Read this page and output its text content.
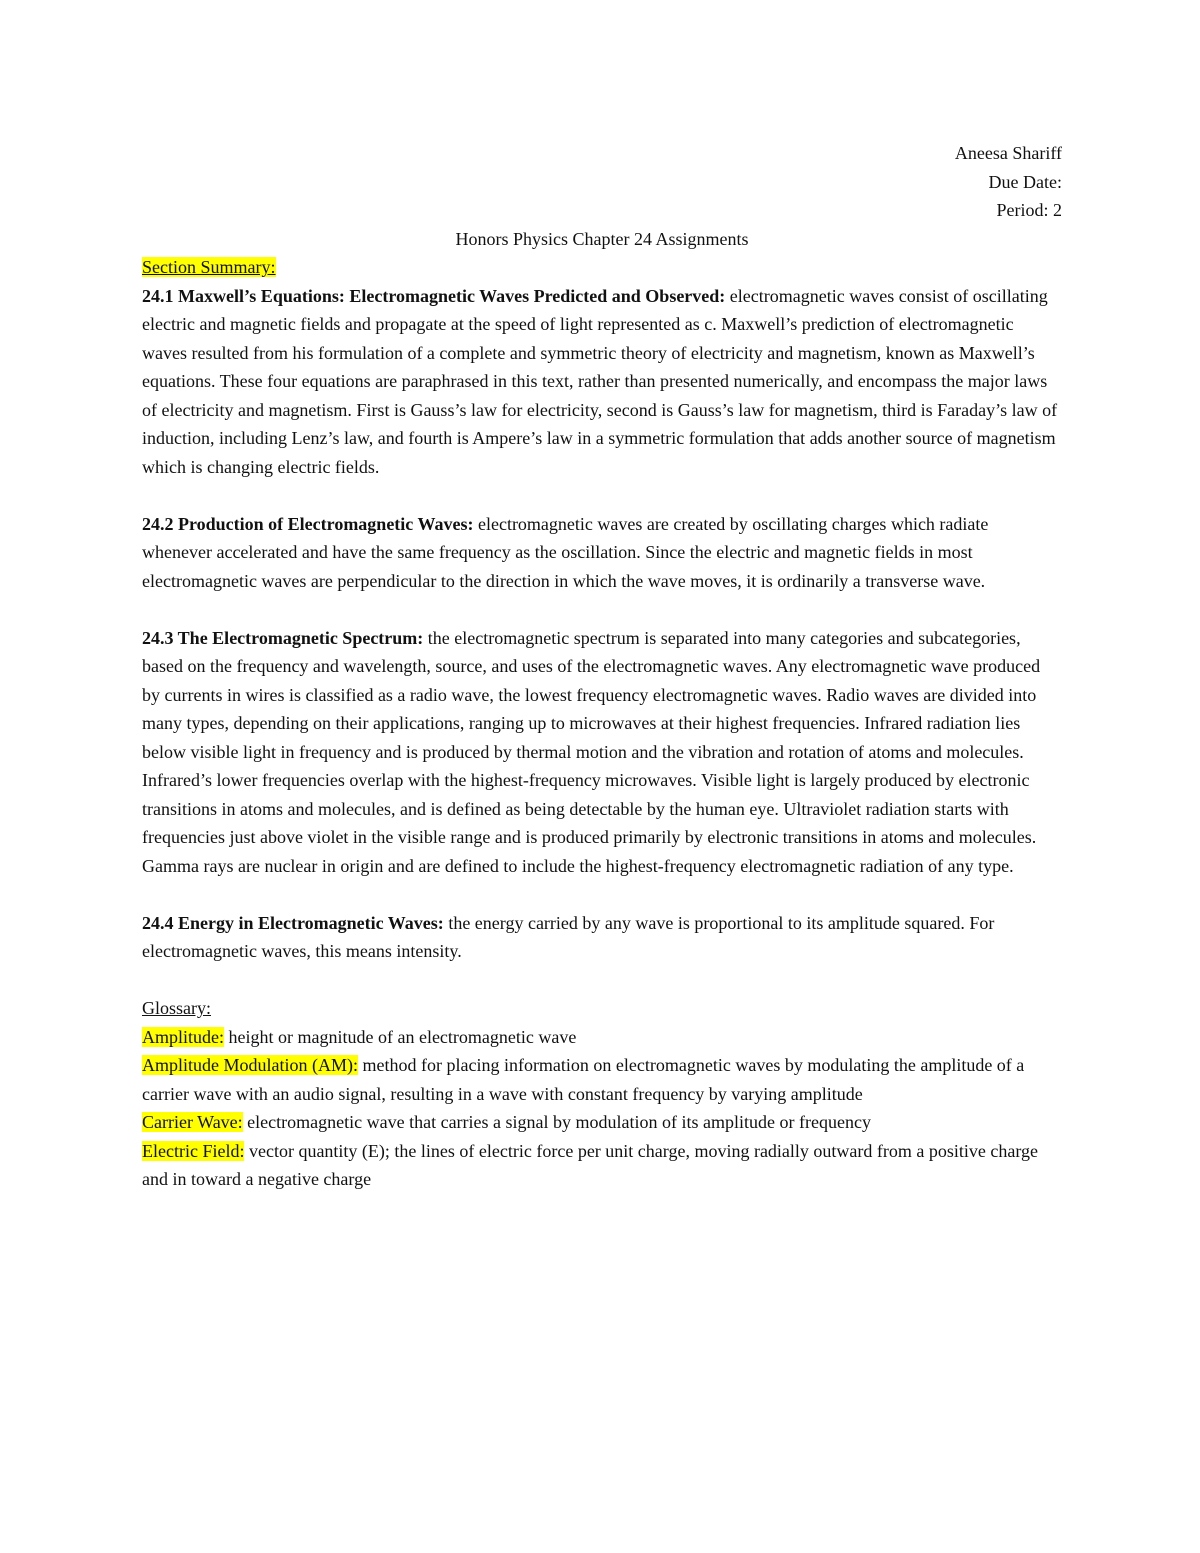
Aneesa Shariff
Due Date:
Period: 2
Honors Physics Chapter 24 Assignments
Section Summary:

24.1 Maxwell’s Equations: Electromagnetic Waves Predicted and Observed: electromagnetic waves consist of oscillating electric and magnetic fields and propagate at the speed of light represented as c. Maxwell’s prediction of electromagnetic waves resulted from his formulation of a complete and symmetric theory of electricity and magnetism, known as Maxwell’s equations. These four equations are paraphrased in this text, rather than presented numerically, and encompass the major laws of electricity and magnetism. First is Gauss’s law for electricity, second is Gauss’s law for magnetism, third is Faraday’s law of induction, including Lenz’s law, and fourth is Ampere’s law in a symmetric formulation that adds another source of magnetism which is changing electric fields.

24.2 Production of Electromagnetic Waves: electromagnetic waves are created by oscillating charges which radiate whenever accelerated and have the same frequency as the oscillation. Since the electric and magnetic fields in most electromagnetic waves are perpendicular to the direction in which the wave moves, it is ordinarily a transverse wave.

24.3 The Electromagnetic Spectrum: the electromagnetic spectrum is separated into many categories and subcategories, based on the frequency and wavelength, source, and uses of the electromagnetic waves. Any electromagnetic wave produced by currents in wires is classified as a radio wave, the lowest frequency electromagnetic waves. Radio waves are divided into many types, depending on their applications, ranging up to microwaves at their highest frequencies. Infrared radiation lies below visible light in frequency and is produced by thermal motion and the vibration and rotation of atoms and molecules. Infrared’s lower frequencies overlap with the highest-frequency microwaves. Visible light is largely produced by electronic transitions in atoms and molecules, and is defined as being detectable by the human eye. Ultraviolet radiation starts with frequencies just above violet in the visible range and is produced primarily by electronic transitions in atoms and molecules. Gamma rays are nuclear in origin and are defined to include the highest-frequency electromagnetic radiation of any type.

24.4 Energy in Electromagnetic Waves: the energy carried by any wave is proportional to its amplitude squared. For electromagnetic waves, this means intensity.

Glossary:

Amplitude: height or magnitude of an electromagnetic wave

Amplitude Modulation (AM): method for placing information on electromagnetic waves by modulating the amplitude of a carrier wave with an audio signal, resulting in a wave with constant frequency by varying amplitude

Carrier Wave: electromagnetic wave that carries a signal by modulation of its amplitude or frequency

Electric Field: vector quantity (E); the lines of electric force per unit charge, moving radially outward from a positive charge and in toward a negative charge
